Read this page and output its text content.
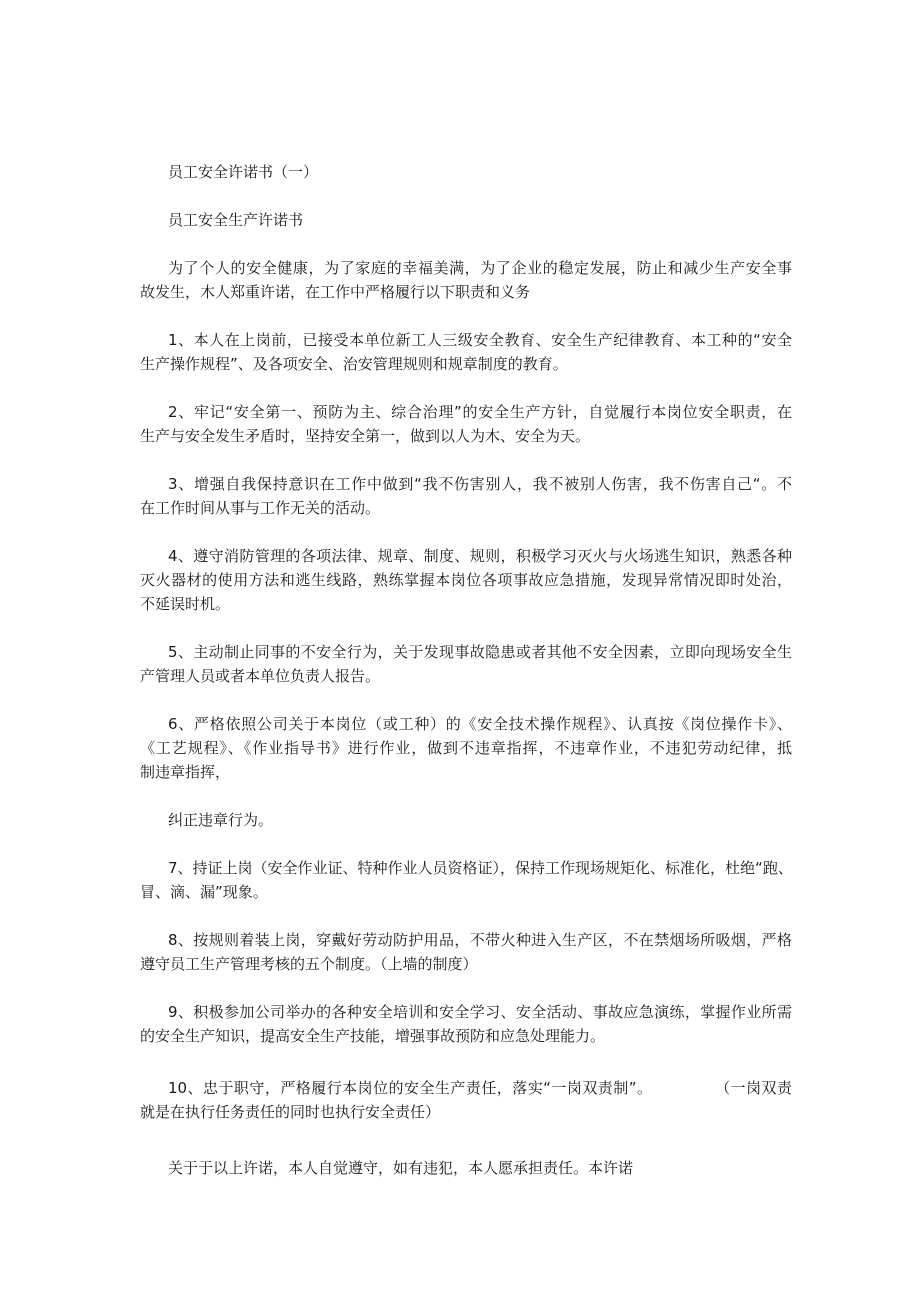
员工安全许诺书（一）

员工安全生产许诺书

为了个人的安全健康，为了家庭的幸福美满，为了企业的稳定发展，防止和减少生产安全事
故发生，木人郑重许诺，在工作中严格履行以下职责和义务

1、本人在上岗前，已接受本单位新工人三级安全教育、安全生产纪律教育、本工种的“安全
生产操作规程”、及各项安全、治安管理规则和规章制度的教育。

2、牢记“安全第一、预防为主、综合治理”的安全生产方针，自觉履行本岗位安全职责，在
生产与安全发生矛盾时，坚持安全第一，做到以人为木、安全为天。

3、增强自我保持意识在工作中做到“我不伤害别人，我不被别人伤害，我不伤害自己“。不
在工作时间从事与工作无关的活动。

4、遵守消防管理的各项法律、规章、制度、规则，积极学习灭火与火场逃生知识，熟悉各种
灭火器材的使用方法和逃生线路，熟练掌握本岗位各项事故应急措施，发现异常情况即时处治，
不延误时机。

5、主动制止同事的不安全行为，关于发现事故隐患或者其他不安全因素，立即向现场安全生
产管理人员或者本单位负责人报告。

6、严格依照公司关于本岗位（或工种）的《安全技术操作规程》、认真按《岗位操作卡》、
《工艺规程》、《作业指导书》进行作业，做到不违章指挥，不违章作业，不违犯劳动纪律，抵
制违章指挥，

纠正违章行为。

7、持证上岗（安全作业证、特种作业人员资格证），保持工作现场规矩化、标准化，杜绝“跑、
冒、滴、漏”现象。

8、按规则着装上岗，穿戴好劳动防护用品，不带火种进入生产区，不在禁烟场所吸烟，严格
遵守员工生产管理考核的五个制度。（上墙的制度）

9、积极参加公司举办的各种安全培训和安全学习、安全活动、事故应急演练，掌握作业所需
的安全生产知识，提高安全生产技能，增强事故预防和应急处理能力。

10、忠于职守，严格履行本岗位的安全生产责任，落实“一岗双责制”。            （一岗双责
就是在执行任务责任的同时也执行安全责任）

关于于以上许诺，本人自觉遵守，如有违犯，本人愿承担责任。本许诺
